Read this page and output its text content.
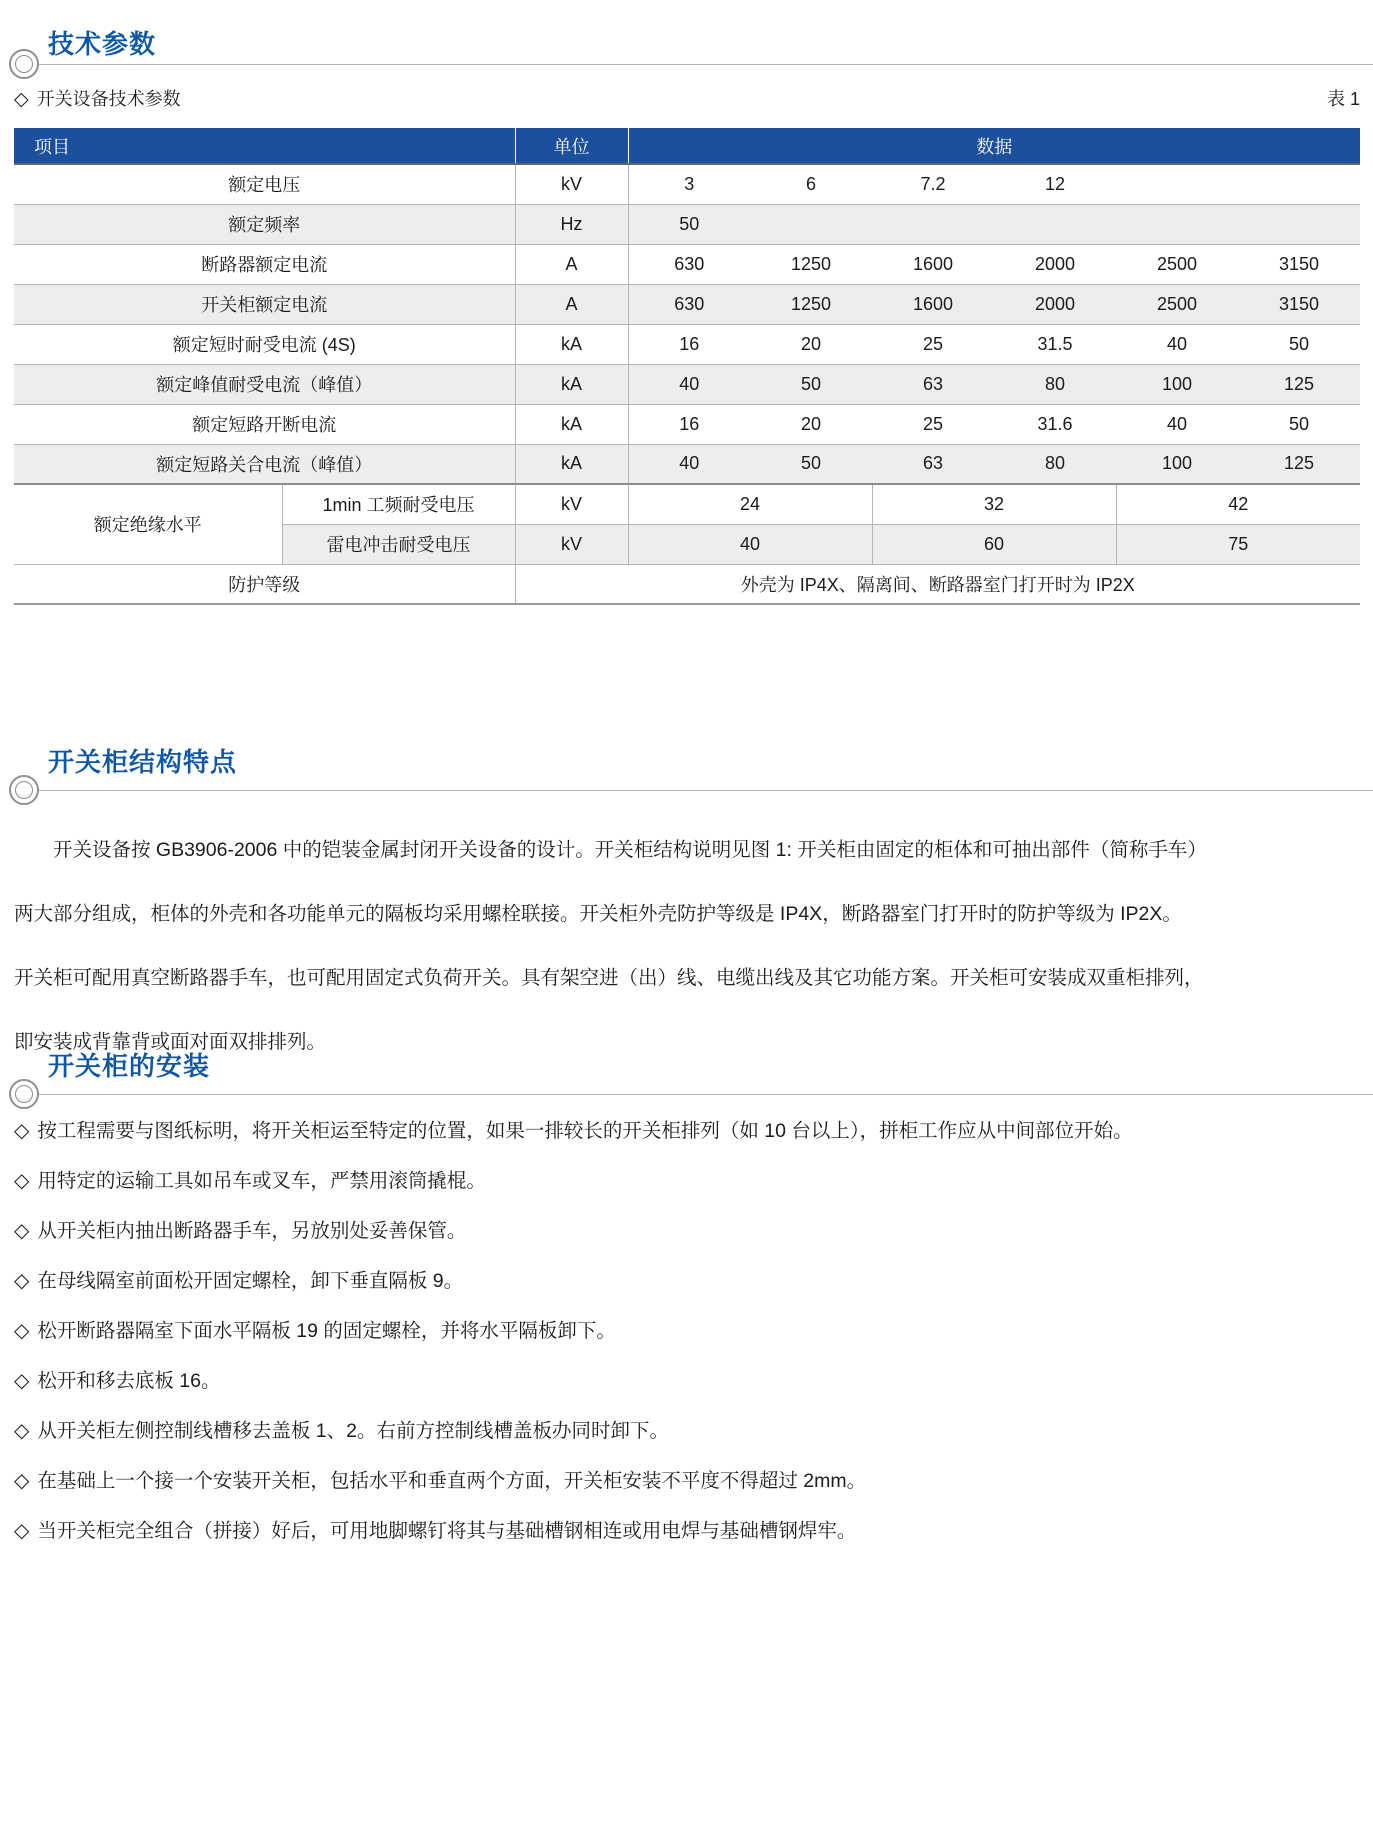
技术参数
◇ 开关设备技术参数	表 1
项目		单位	数据					
额定电压		kV	3	6	7.2	12		
额定频率		Hz	50					
断路器额定电流		A	630	1250	1600	2000	2500	3150
开关柜额定电流		A	630	1250	1600	2000	2500	3150
额定短时耐受电流 (4S)		kA	16	20	25	31.5	40	50
额定峰值耐受电流（峰值）		kA	40	50	63	80	100	125
额定短路开断电流		kA	16	20	25	31.6	40	50
额定短路关合电流（峰值）		kA	40	50	63	80	100	125
额定绝缘水平	1min 工频耐受电压	kV	24		32		42	
	雷电冲击耐受电压	kV	40		60		75	
防护等级		外壳为 IP4X、隔离间、断路器室门打开时为 IP2X						
开关柜结构特点
开关设备按 GB3906-2006 中的铠装金属封闭开关设备的设计。开关柜结构说明见图 1: 开关柜由固定的柜体和可抽出部件（简称手车）
两大部分组成，柜体的外壳和各功能单元的隔板均采用螺栓联接。开关柜外壳防护等级是 IP4X，断路器室门打开时的防护等级为 IP2X。
开关柜可配用真空断路器手车，也可配用固定式负荷开关。具有架空进（出）线、电缆出线及其它功能方案。开关柜可安装成双重柜排列，
即安装成背靠背或面对面双排排列。
开关柜的安装
◇ 按工程需要与图纸标明，将开关柜运至特定的位置，如果一排较长的开关柜排列（如 10 台以上），拼柜工作应从中间部位开始。
◇ 用特定的运输工具如吊车或叉车，严禁用滚筒撬棍。
◇ 从开关柜内抽出断路器手车，另放别处妥善保管。
◇ 在母线隔室前面松开固定螺栓，卸下垂直隔板 9。
◇ 松开断路器隔室下面水平隔板 19 的固定螺栓，并将水平隔板卸下。
◇ 松开和移去底板 16。
◇ 从开关柜左侧控制线槽移去盖板 1、2。右前方控制线槽盖板办同时卸下。
◇ 在基础上一个接一个安装开关柜，包括水平和垂直两个方面，开关柜安装不平度不得超过 2mm。
◇ 当开关柜完全组合（拼接）好后，可用地脚螺钉将其与基础槽钢相连或用电焊与基础槽钢焊牢。
